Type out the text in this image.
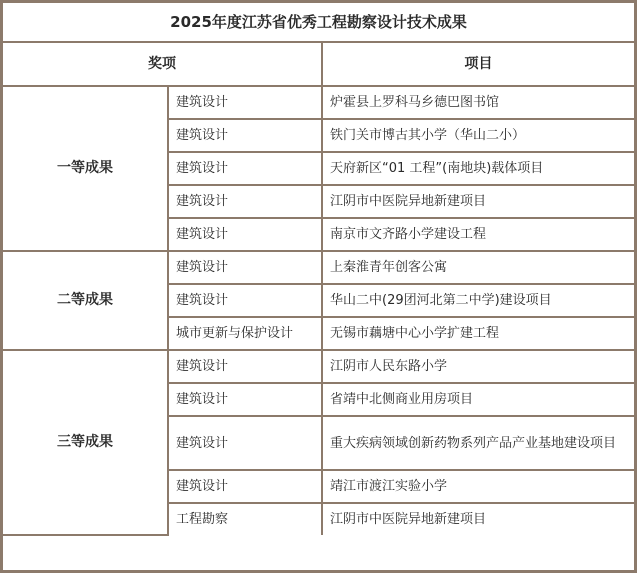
2025年度江苏省优秀工程勘察设计技术成果		
奖项		项目
一等成果	建筑设计	炉霍县上罗科马乡德巴图书馆
	建筑设计	铁门关市博古其小学（华山二小）
	建筑设计	天府新区“01 工程”(南地块)载体项目
	建筑设计	江阴市中医院异地新建项目
	建筑设计	南京市文齐路小学建设工程
二等成果	建筑设计	上秦淮青年创客公寓
	建筑设计	华山二中(29团河北第二中学)建设项目
	城市更新与保护设计	无锡市藕塘中心小学扩建工程
三等成果	建筑设计	江阴市人民东路小学
	建筑设计	省靖中北侧商业用房项目
	建筑设计	重大疾病领域创新药物系列产品产业基地建设项目
	建筑设计	靖江市渡江实验小学
	工程勘察	江阴市中医院异地新建项目
